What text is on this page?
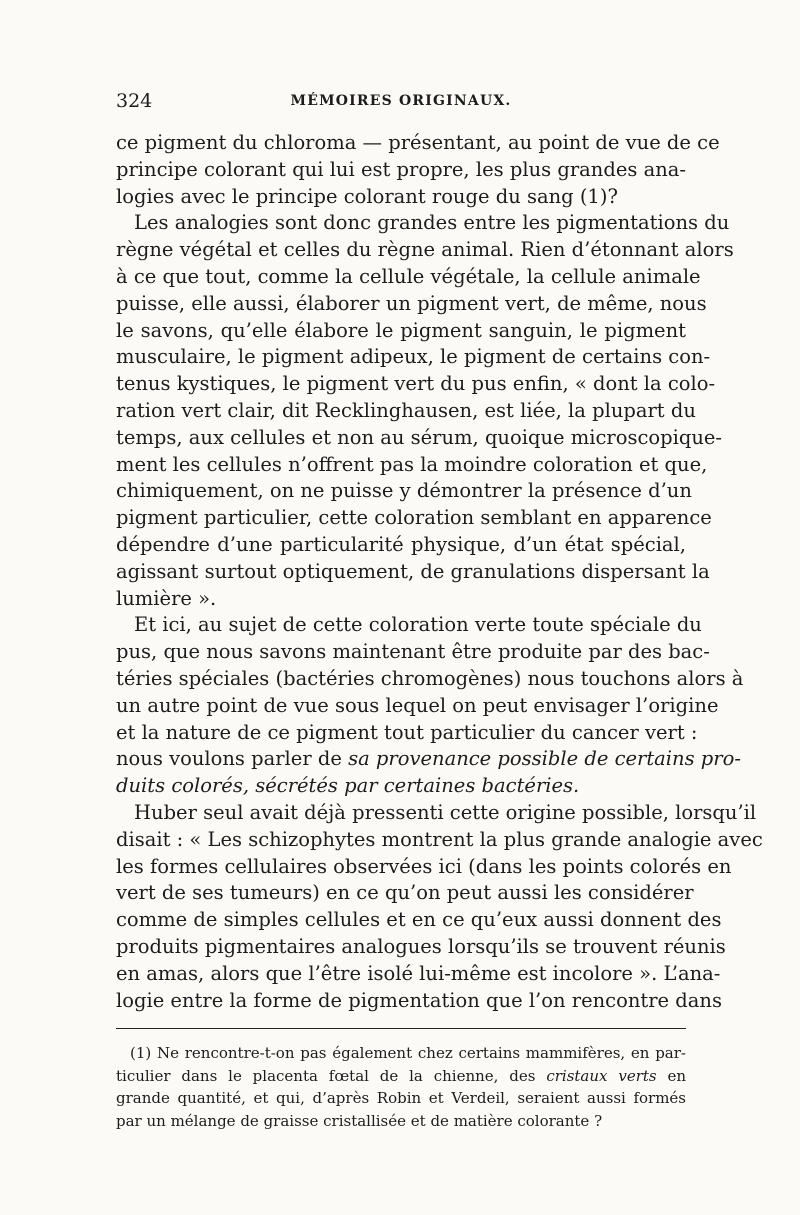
324	MÉMOIRES ORIGINAUX.
ce pigment du chloroma — présentant, au point de vue de ce
principe colorant qui lui est propre, les plus grandes ana-
logies avec le principe colorant rouge du sang (1)?
Les analogies sont donc grandes entre les pigmentations du
règne végétal et celles du règne animal. Rien d’étonnant alors
à ce que tout, comme la cellule végétale, la cellule animale
puisse, elle aussi, élaborer un pigment vert, de même, nous
le savons, qu’elle élabore le pigment sanguin, le pigment
musculaire, le pigment adipeux, le pigment de certains con-
tenus kystiques, le pigment vert du pus enfin, « dont la colo-
ration vert clair, dit Recklinghausen, est liée, la plupart du
temps, aux cellules et non au sérum, quoique microscopique-
ment les cellules n’offrent pas la moindre coloration et que,
chimiquement, on ne puisse y démontrer la présence d’un
pigment particulier, cette coloration semblant en apparence
dépendre d’une particularité physique, d’un état spécial,
agissant surtout optiquement, de granulations dispersant la
lumière ».
Et ici, au sujet de cette coloration verte toute spéciale du
pus, que nous savons maintenant être produite par des bac-
téries spéciales (bactéries chromogènes) nous touchons alors à
un autre point de vue sous lequel on peut envisager l’origine
et la nature de ce pigment tout particulier du cancer vert :
nous voulons parler de sa provenance possible de certains pro-
duits colorés, sécrétés par certaines bactéries.
Huber seul avait déjà pressenti cette origine possible, lorsqu’il
disait : « Les schizophytes montrent la plus grande analogie avec
les formes cellulaires observées ici (dans les points colorés en
vert de ses tumeurs) en ce qu’on peut aussi les considérer
comme de simples cellules et en ce qu’eux aussi donnent des
produits pigmentaires analogues lorsqu’ils se trouvent réunis
en amas, alors que l’être isolé lui-même est incolore ». L’ana-
logie entre la forme de pigmentation que l’on rencontre dans
(1) Ne rencontre-t-on pas également chez certains mammifères, en par-
ticulier dans le placenta fœtal de la chienne, des cristaux verts en
grande quantité, et qui, d’après Robin et Verdeil, seraient aussi formés
par un mélange de graisse cristallisée et de matière colorante ?
